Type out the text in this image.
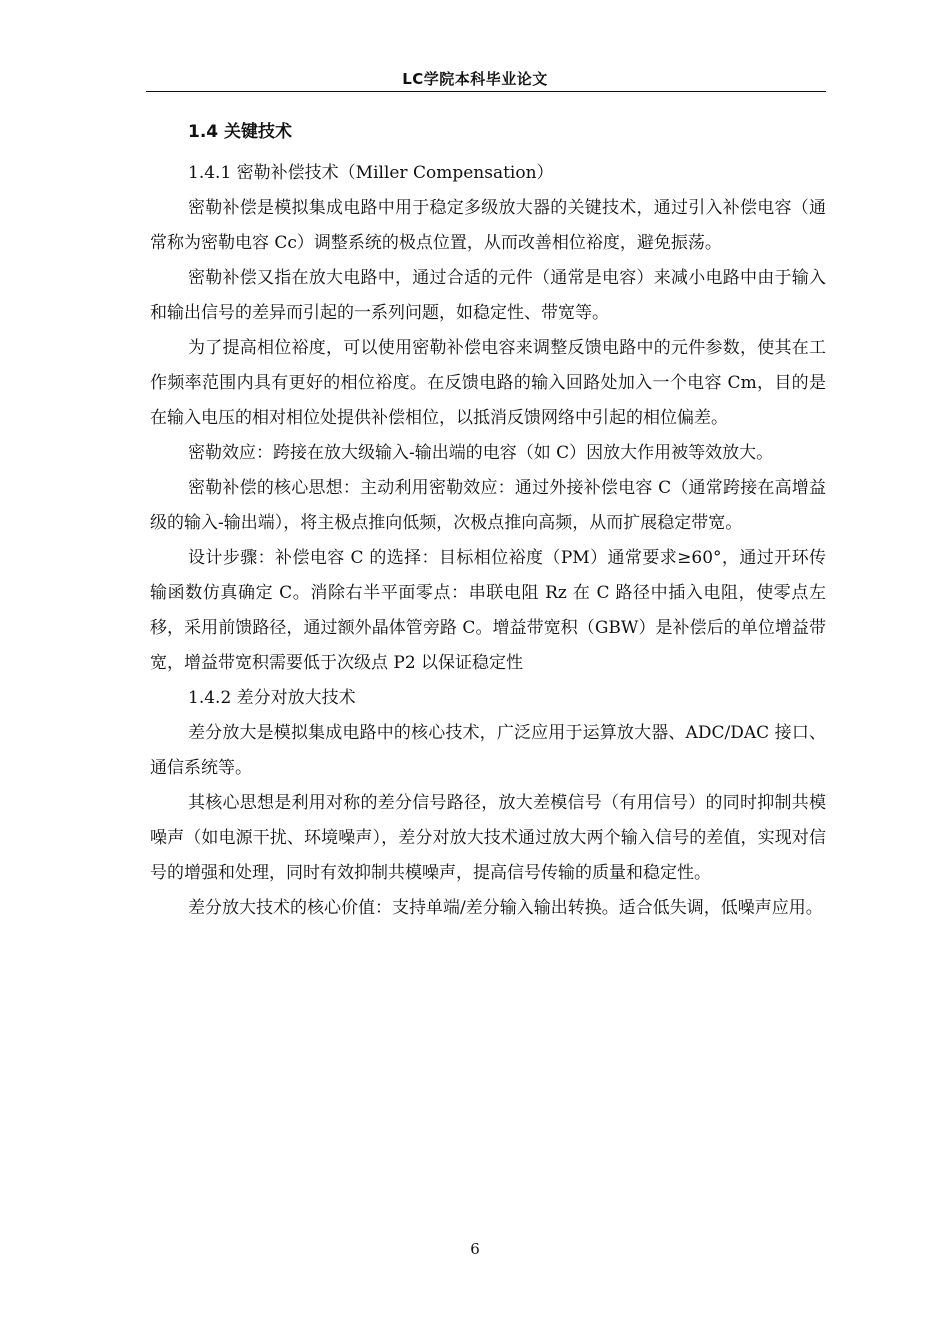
LC学院本科毕业论文
1.4 关键技术

1.4.1 密勒补偿技术（Miller Compensation）

密勒补偿是模拟集成电路中用于稳定多级放大器的关键技术，通过引入补偿电容（通常称为密勒电容 Cc）调整系统的极点位置，从而改善相位裕度，避免振荡。

密勒补偿又指在放大电路中，通过合适的元件（通常是电容）来减小电路中由于输入和输出信号的差异而引起的一系列问题，如稳定性、带宽等。

为了提高相位裕度，可以使用密勒补偿电容来调整反馈电路中的元件参数，使其在工作频率范围内具有更好的相位裕度。在反馈电路的输入回路处加入一个电容 Cm，目的是在输入电压的相对相位处提供补偿相位，以抵消反馈网络中引起的相位偏差。

密勒效应：跨接在放大级输入-输出端的电容（如 C）因放大作用被等效放大。

密勒补偿的核心思想：主动利用密勒效应：通过外接补偿电容 C（通常跨接在高增益级的输入-输出端），将主极点推向低频，次极点推向高频，从而扩展稳定带宽。

设计步骤：补偿电容 C 的选择：目标相位裕度（PM）通常要求≥60°，通过开环传输函数仿真确定 C。消除右半平面零点：串联电阻 Rz 在 C 路径中插入电阻，使零点左移，采用前馈路径，通过额外晶体管旁路 C。增益带宽积（GBW）是补偿后的单位增益带宽，增益带宽积需要低于次级点 P2 以保证稳定性

1.4.2 差分对放大技术

差分放大是模拟集成电路中的核心技术，广泛应用于运算放大器、ADC/DAC 接口、通信系统等。

其核心思想是利用对称的差分信号路径，放大差模信号（有用信号）的同时抑制共模噪声（如电源干扰、环境噪声），差分对放大技术通过放大两个输入信号的差值，实现对信号的增强和处理，同时有效抑制共模噪声，提高信号传输的质量和稳定性。

差分放大技术的核心价值：支持单端/差分输入输出转换。适合低失调，低噪声应用。

6
